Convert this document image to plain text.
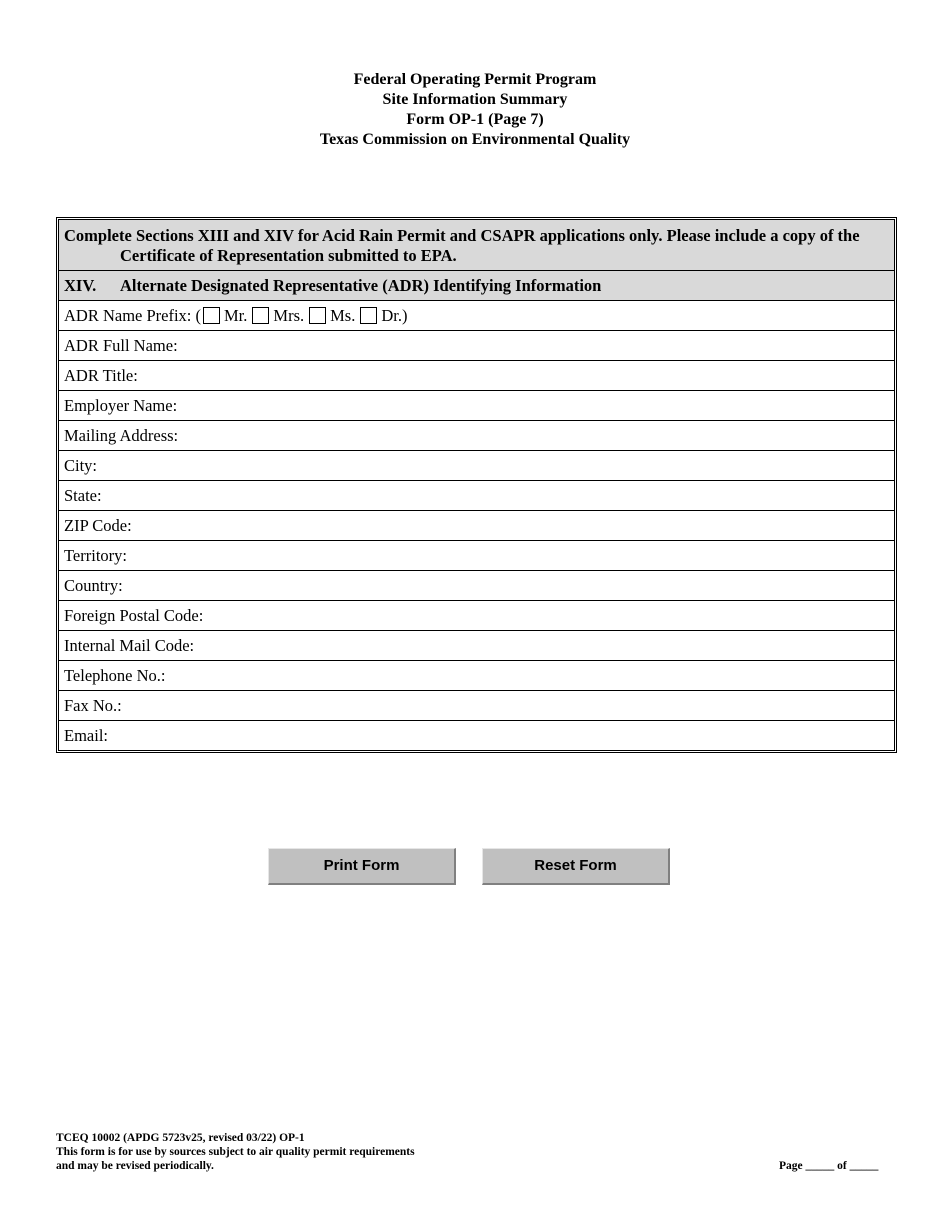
Federal Operating Permit Program
Site Information Summary
Form OP-1 (Page 7)
Texas Commission on Environmental Quality
Complete Sections XIII and XIV for Acid Rain Permit and CSAPR applications only. Please include a copy of the
Certificate of Representation submitted to EPA.
XIV. Alternate Designated Representative (ADR) Identifying Information
ADR Name Prefix: ( Mr. Mrs. Ms. Dr.)
ADR Full Name:
ADR Title:
Employer Name:
Mailing Address:
City:
State:
ZIP Code:
Territory:
Country:
Foreign Postal Code:
Internal Mail Code:
Telephone No.:
Fax No.:
Email:
Print Form	Reset Form
TCEQ 10002 (APDG 5723v25, revised 03/22) OP-1
This form is for use by sources subject to air quality permit requirements
and may be revised periodically.	Page _____ of _____
